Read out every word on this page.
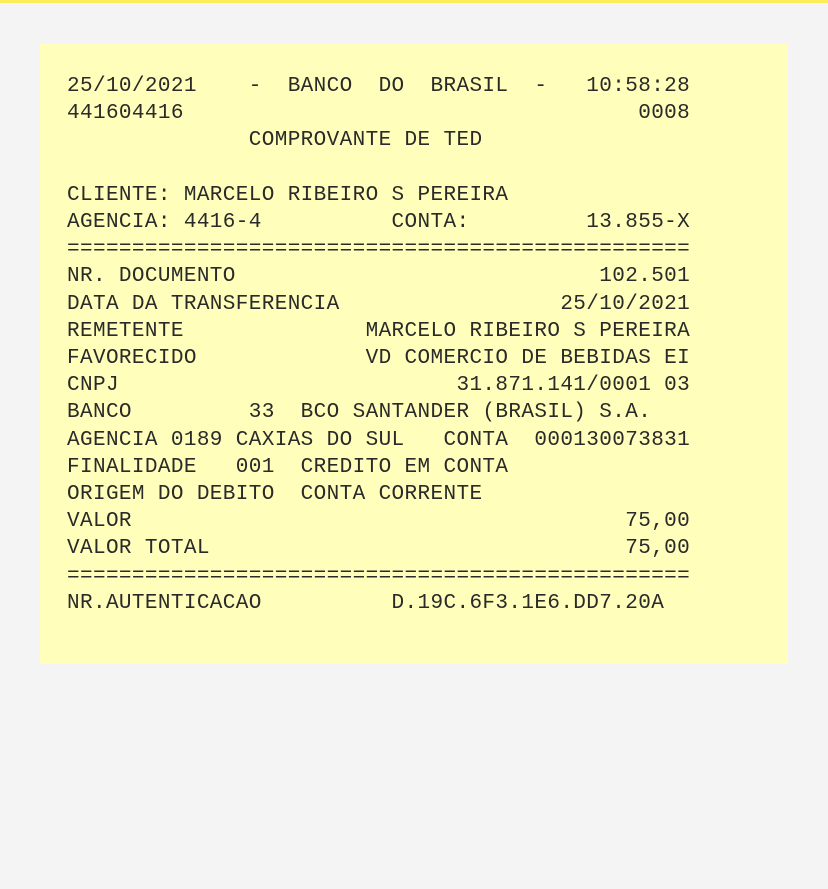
25/10/2021    -  BANCO  DO  BRASIL  -   10:58:28
441604416                                   0008
COMPROVANTE DE TED

CLIENTE: MARCELO RIBEIRO S PEREIRA
AGENCIA: 4416-4          CONTA:         13.855-X
================================================
NR. DOCUMENTO                            102.501
DATA DA TRANSFERENCIA                 25/10/2021
REMETENTE              MARCELO RIBEIRO S PEREIRA
FAVORECIDO             VD COMERCIO DE BEBIDAS EI
CNPJ                          31.871.141/0001 03
BANCO         33  BCO SANTANDER (BRASIL) S.A.
AGENCIA 0189 CAXIAS DO SUL   CONTA  000130073831
FINALIDADE   001  CREDITO EM CONTA
ORIGEM DO DEBITO  CONTA CORRENTE
VALOR                                      75,00
VALOR TOTAL                                75,00
================================================
NR.AUTENTICACAO          D.19C.6F3.1E6.DD7.20A
